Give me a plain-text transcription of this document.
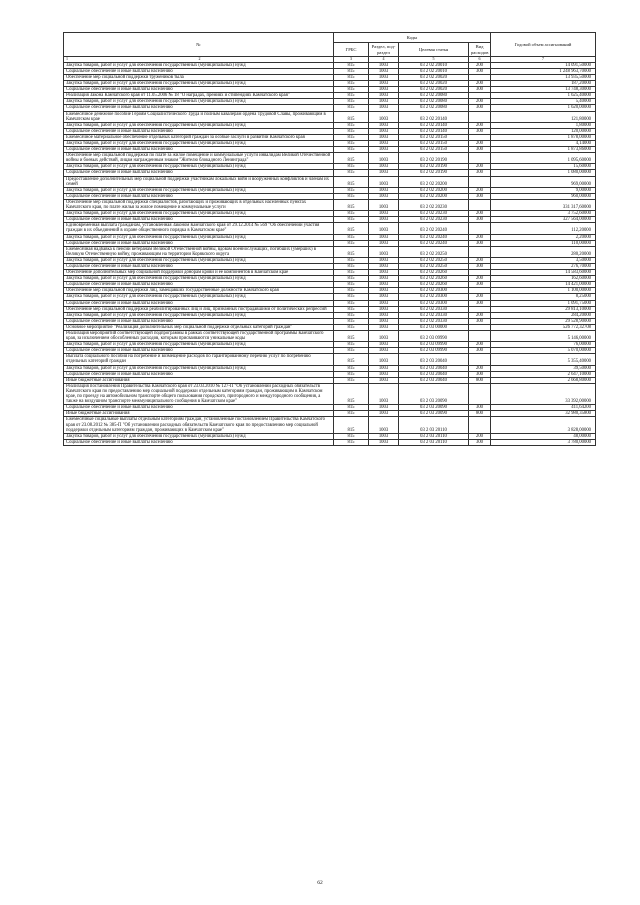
№	Коды				Годовой объем ассигнований
	ГРБС	Раздел, под-раздел	Целевая статья	Вид расходов	

1 2	3	4	5	6	7
Закупка товаров, работ и услуг для обеспечения государственных (муниципальных) нужд	815	1003	03 2 02 20010	200	14 091,50000
Социальное обеспечение и иные выплаты населению	815	1003	03 2 02 20010	300	1 248 963,70000
Обеспечение мер социальной поддержки тружеников тыла	815	1003	03 2 02 20020		13 935,50000
Закупка товаров, работ и услуг для обеспечения государственных (муниципальных) нужд	815	1003	03 2 02 20020	200	187,20000
Социальное обеспечение и иные выплаты населению	815	1003	03 2 02 20020	300	13 748,30000
Реализация Закона Камчатского края от 11.05.2006 № 18 "О наградах, премиях и стипендиях Камчатского края"	815	1003	03 2 02 20080		1 625,40000
Закупка товаров, работ и услуг для обеспечения государственных (муниципальных) нужд	815	1003	03 2 02 20080	200	5,40000
Социальное обеспечение и иные выплаты населению	815	1003	03 2 02 20080	300	1 620,00000
Ежемесячное денежное пособие Героям Социалистического Труда и полным кавалерам ордена Трудовой Славы, проживающим в Камчатском крае	815	1003	03 2 02 20140		121,80000
Закупка товаров, работ и услуг для обеспечения государственных (муниципальных) нужд	815	1003	03 2 02 20140	200	1,80000
Социальное обеспечение и иные выплаты населению	815	1003	03 2 02 20140	300	120,00000
Ежемесячное материальное обеспечение отдельных категорий граждан за особые заслуги в развитии Камчатского края	815	1003	03 2 02 20150		1 878,00000
Закупка товаров, работ и услуг для обеспечения государственных (муниципальных) нужд	815	1003	03 2 02 20150	200	4,14000
Социальное обеспечение и иные выплаты населению	815	1003	03 2 02 20150	300	1 873,86000
Обеспечение мер социальной поддержки по плате за жилое помещение и коммунальные услуги инвалидам Великой Отечественной войны и боевых действий, лицам награжденным знаком "Жителю блокадного Ленинграда"	815	1003	03 2 02 20190		1 095,60000
Закупка товаров, работ и услуг для обеспечения государственных (муниципальных) нужд	815	1003	03 2 02 20190	200	15,60000
Социальное обеспечение и иные выплаты населению	815	1003	03 2 02 20190	300	1 080,00000
Предоставление дополнительных мер социальной поддержки участникам локальных войн и вооруженных конфликтов и членам их семей	815	1003	03 2 02 20200		969,00000
Закупка товаров, работ и услуг для обеспечения государственных (муниципальных) нужд	815	1003	03 2 02 20200	200	9,00000
Социальное обеспечение и иные выплаты населению	815	1003	03 2 02 20200	300	960,00000
Обеспечение мер социальной поддержки специалистов, работающих и проживающих в отдельных населенных пунктах Камчатского края, по плате жилья за жилое помещение и коммунальные услуги	815	1003	03 2 02 20230		331 317,60000
Закупка товаров, работ и услуг для обеспечения государственных (муниципальных) нужд	815	1003	03 2 02 20230	200	3 752,60000
Социальное обеспечение и иные выплаты населению	815	1003	03 2 02 20230	300	327 564,00000
Единовременная выплата гражданам, установленная Законом Камчатского края от 29.12.2014 № 569 "Об обеспечении участия граждан в их объединений в охране общественного порядка в Камчатском крае"	815	1003	03 2 02 20240		112,20000
Закупка товаров, работ и услуг для обеспечения государственных (муниципальных) нужд	815	1003	03 2 02 20240	200	2,20000
Социальное обеспечение и иные выплаты населению	815	1003	03 2 02 20240	300	110,00000
Ежемесячная надбавка к пенсии ветеранам Великой Отечественной войны, вдовам военнослужащих, погибших (умерших) в Великую Отечественную войну, проживающим на территории Корякского округа	815	1003	03 2 02 20250		280,20000
Закупка товаров, работ и услуг для обеспечения государственных (муниципальных) нужд	815	1003	03 2 02 20250	200	3,50000
Социальное обеспечение и иные выплаты населению	815	1003	03 2 02 20250	300	276,70000
Обеспечение дополнительных мер социальной поддержки донорам крови и ее компонентов в Камчатском крае	815	1003	03 2 02 20260		14 583,60000
Закупка товаров, работ и услуг для обеспечения государственных (муниципальных) нужд	815	1003	03 2 02 20260	200	162,60000
Социальное обеспечение и иные выплаты населению	815	1003	03 2 02 20260	300	14 421,00000
Обеспечение мер социальной поддержки лиц, замещавших государственные должности Камчатского края	815	1003	03 2 02 20300		1 100,00000
Закупка товаров, работ и услуг для обеспечения государственных (муниципальных) нужд	815	1003	03 2 02 20300	200	8,25000
Социальное обеспечение и иные выплаты населению	815	1003	03 2 02 20300	300	1 091,75000
Обеспечение мер социальной поддержки реабилитированных лиц и лиц, признанных пострадавшими от политических репрессий	815	1003	03 2 02 20330		29 813,10000
Закупка товаров, работ и услуг для обеспечения государственных (муниципальных) нужд	815	1003	03 2 02 20330	200	284,20000
Социальное обеспечение и иные выплаты населению	815	1003	03 2 02 20330	300	29 528,90000
Основное мероприятие "Реализация дополнительных мер социальной поддержки отдельных категорий граждан"	815	1003	03 2 03 00000		526 772,32708
Реализация мероприятий соответствующей подпрограммы в рамках соответствующей государственной программы Камчатского края, за исключением обособленных расходов, которым присваиваются уникальные коды	815	1003	03 2 03 09990		5 146,00000
Закупка товаров, работ и услуг для обеспечения государственных (муниципальных) нужд	815	1003	03 2 03 09990	200	76,00000
Социальное обеспечение и иные выплаты населению	815	1003	03 2 03 09990	300	5 070,00000
Выплата социального пособия на погребение и возмещение расходов по гарантированному перечню услуг по погребению отдельных категорий граждан	815	1003	03 2 03 20040		5 355,40000
Закупка товаров, работ и услуг для обеспечения государственных (муниципальных) нужд	815	1003	03 2 03 20040	200	39,50000
Социальное обеспечение и иные выплаты населению	815	1003	03 2 03 20040	300	2 647,10000
Иные бюджетные ассигнования	815	1003	03 2 03 20040	800	2 668,80000
Реализация постановления Правительства Камчатского края от 23.03.2010 № 127-П "Об установлении расходных обязательств Камчатского края по предоставлению мер социальной поддержки отдельным категориям граждан, проживающим в Камчатском крае, по проезду на автомобильном транспорте общего пользования городского, пригородного и междугородного сообщения, а также на воздушном транспорте межмуниципального сообщения в Камчатском крае"	815	1003	03 2 03 20090		33 392,00000
Социальное обеспечение и иные выплаты населению	815	1003	03 2 03 20090	300	411,64200
Иные бюджетные ассигнования	815	1003	03 2 03 20090	800	32 980,35800
Ежемесячные социальные выплаты отдельным категориям граждан, установленные постановлением Правительства Камчатского края от 23.08.2012 № 385-П "Об установлении расходных обязательств Камчатского края по предоставлению мер социальной поддержки отдельным категориям граждан, проживающих в Камчатском крае"	815	1003	03 2 03 20110		3 828,00000
Закупка товаров, работ и услуг для обеспечения государственных (муниципальных) нужд	815	1003	03 2 03 20110	200	48,00000
Социальное обеспечение и иные выплаты населению	815	1003	03 2 03 20110	300	3 780,00000
62
